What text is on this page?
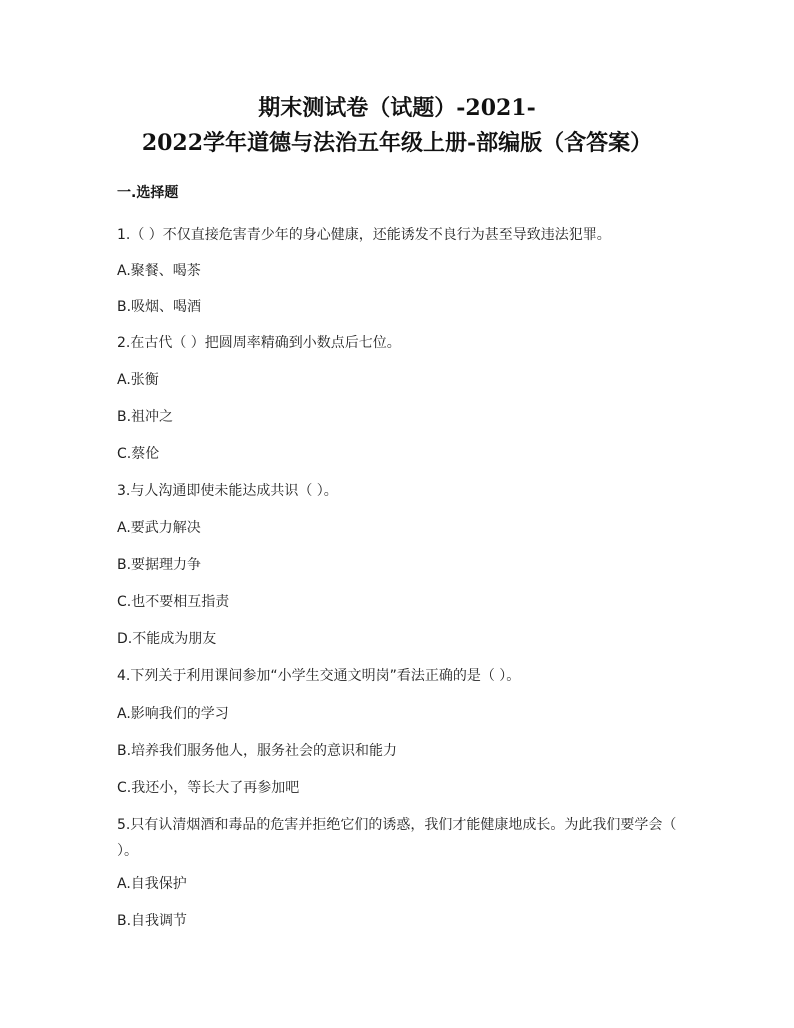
期末测试卷（试题）-2021-
2022学年道德与法治五年级上册-部编版（含答案）
一.选择题
1.（ ）不仅直接危害青少年的身心健康，还能诱发不良行为甚至导致违法犯罪。
A.聚餐、喝茶
B.吸烟、喝酒
2.在古代（ ）把圆周率精确到小数点后七位。
A.张衡
B.祖冲之
C.蔡伦
3.与人沟通即使未能达成共识（ ）。
A.要武力解决
B.要据理力争
C.也不要相互指责
D.不能成为朋友
4.下列关于利用课间参加“小学生交通文明岗”看法正确的是（ ）。
A.影响我们的学习
B.培养我们服务他人，服务社会的意识和能力
C.我还小，等长大了再参加吧
5.只有认清烟酒和毒品的危害并拒绝它们的诱惑，我们才能健康地成长。为此我们要学会（ ）。
A.自我保护
B.自我调节
